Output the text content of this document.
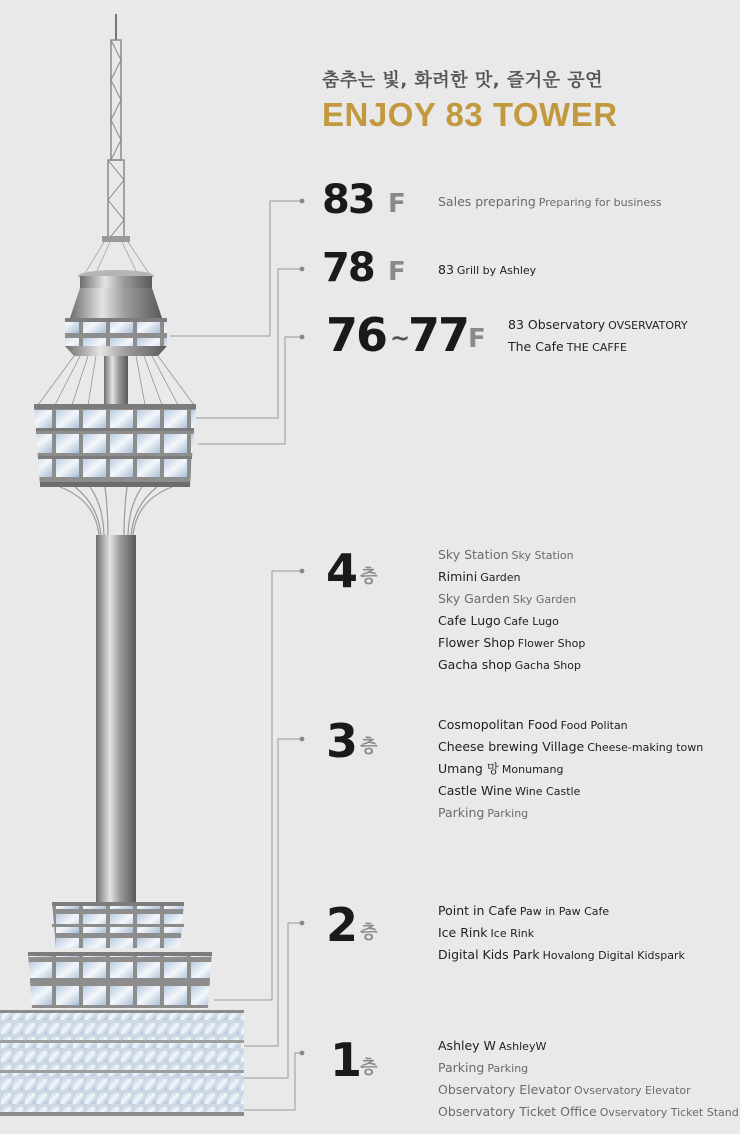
춤추는 빛, 화려한 맛, 즐거운 공연
ENJOY 83 TOWER
83 F	Sales preparing Preparing for business
78 F	83 Grill by Ashley
76 ~
77 F 83 Observatory OVSERVATORY
The Cafe THE CAFFE
4 층
Sky Station Sky Station
Rimini Garden
Sky Garden Sky Garden
Cafe Lugo Cafe Lugo
Flower Shop Flower Shop
Gacha shop Gacha Shop
3 층
Cosmopolitan Food Food Politan
Cheese brewing Village Cheese-making town
Umang 망 Monumang
Castle Wine Wine Castle
Parking Parking
2 층
Point in Cafe Paw in Paw Cafe
Ice Rink Ice Rink
Digital Kids Park Hovalong Digital Kidspark
1
층
Ashley W AshleyW
Parking Parking
Observatory Elevator Ovservatory Elevator
Observatory Ticket Office Ovservatory Ticket Stand
